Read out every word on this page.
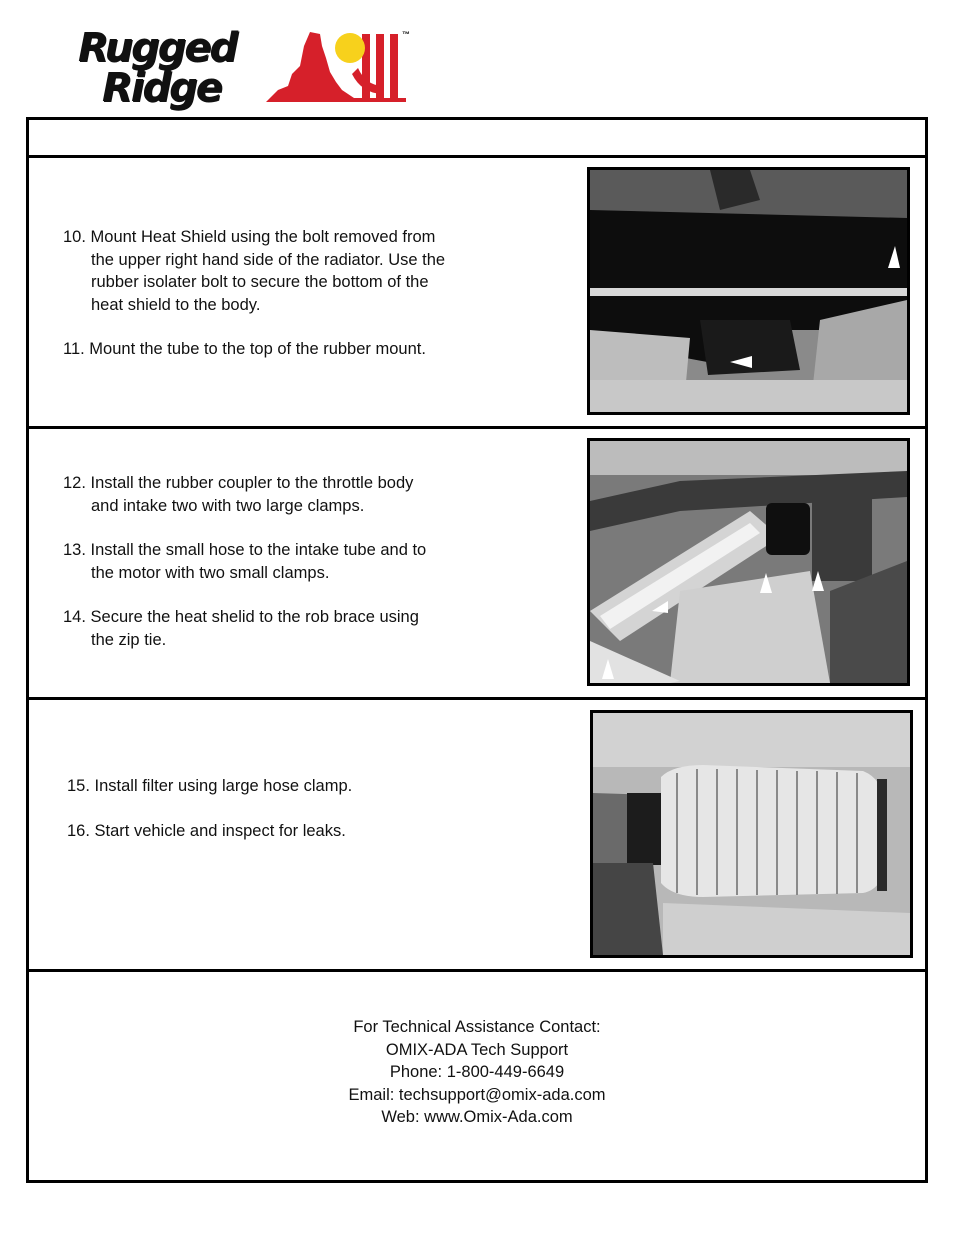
Rugged
Ridge
™
10. Mount Heat Shield using the bolt removed from
the upper right hand side of the radiator. Use the
rubber isolater bolt to secure the bottom of the
heat shield to the body.
11. Mount the tube to the top of the rubber mount.
12. Install the rubber coupler to the throttle body
and intake two with two large clamps.
13. Install the small hose to the intake tube and to
the motor with two small clamps.
14. Secure the heat shelid to the rob brace using
the zip tie.
15. Install filter using large hose clamp.
16. Start vehicle and inspect for leaks.
For Technical Assistance Contact:
OMIX-ADA Tech Support
Phone: 1-800-449-6649
Email: techsupport@omix-ada.com
Web: www.Omix-Ada.com
